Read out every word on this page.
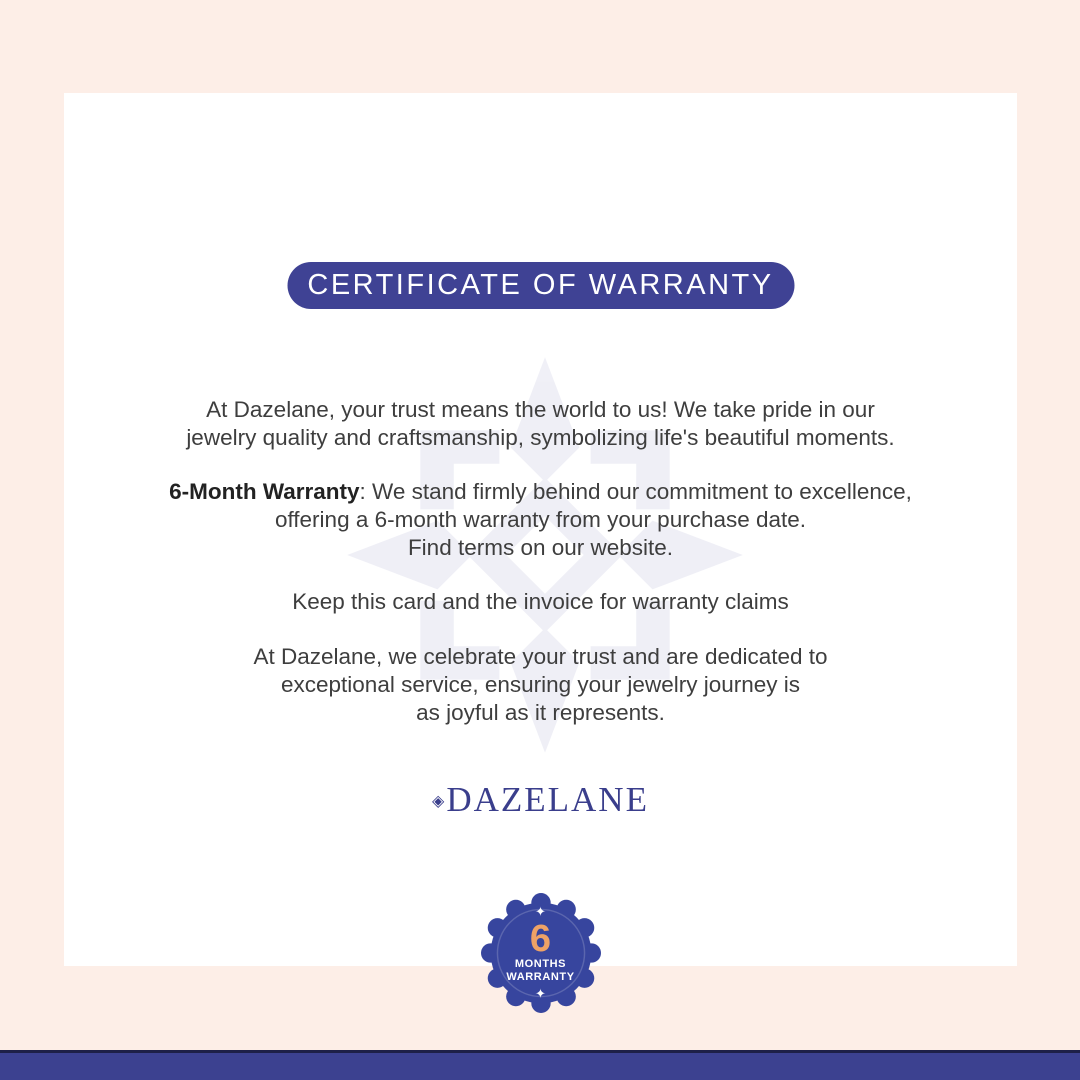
CERTIFICATE OF WARRANTY
At Dazelane, your trust means the world to us! We take pride in our
jewelry quality and craftsmanship, symbolizing life's beautiful moments.
6-Month Warranty: We stand firmly behind our commitment to excellence,
offering a 6-month warranty from your purchase date.
Find terms on our website.
Keep this card and the invoice for warranty claims
At Dazelane, we celebrate your trust and are dedicated to
exceptional service, ensuring your jewelry journey is
as joyful as it represents.
◈ DAZELANE
✦
6
MONTHS
WARRANTY
✦
